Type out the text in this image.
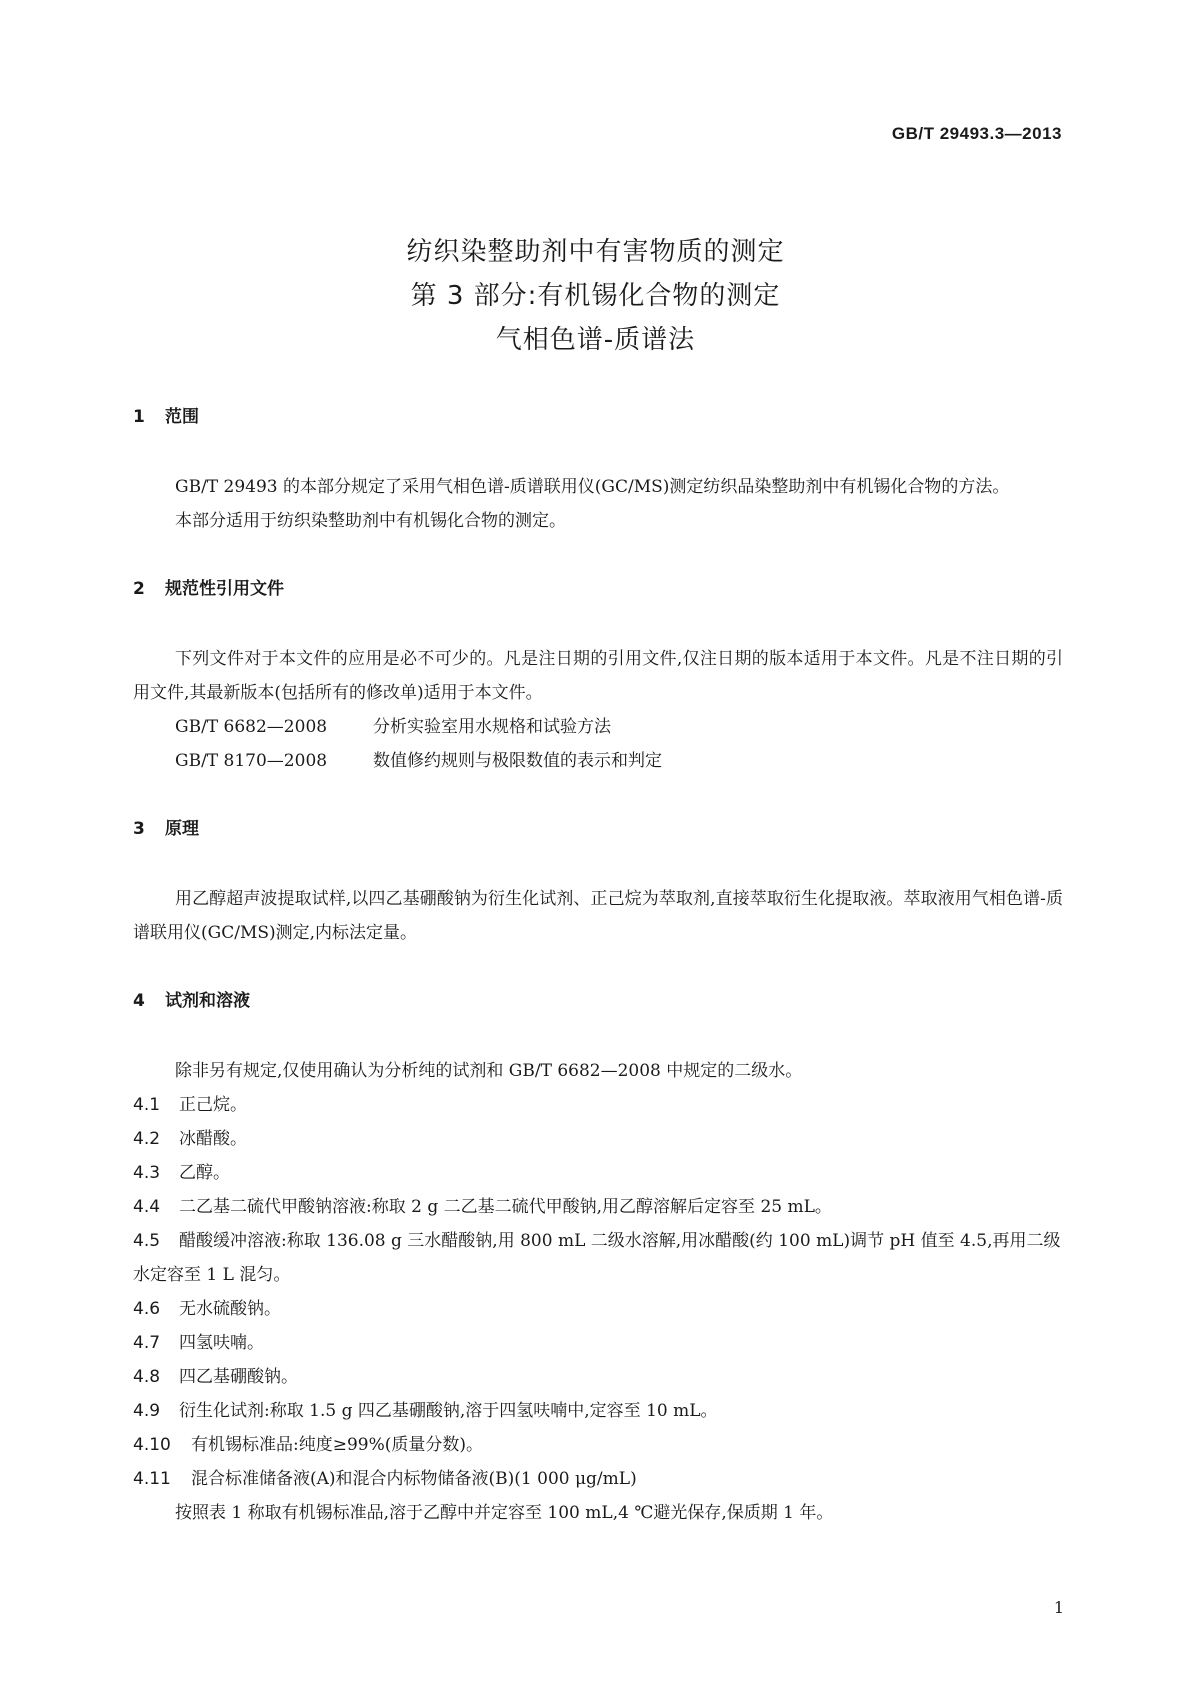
GB/T 29493.3—2013
纺织染整助剂中有害物质的测定
第 3 部分:有机锡化合物的测定
气相色谱-质谱法
1 范围
GB/T 29493 的本部分规定了采用气相色谱-质谱联用仪(GC/MS)测定纺织品染整助剂中有机锡化合物的方法。
本部分适用于纺织染整助剂中有机锡化合物的测定。
2 规范性引用文件
下列文件对于本文件的应用是必不可少的。凡是注日期的引用文件,仅注日期的版本适用于本文件。凡是不注日期的引用文件,其最新版本(包括所有的修改单)适用于本文件。
GB/T 6682—2008	分析实验室用水规格和试验方法
GB/T 8170—2008	数值修约规则与极限数值的表示和判定
3 原理
用乙醇超声波提取试样,以四乙基硼酸钠为衍生化试剂、正己烷为萃取剂,直接萃取衍生化提取液。萃取液用气相色谱-质谱联用仪(GC/MS)测定,内标法定量。
4 试剂和溶液
除非另有规定,仅使用确认为分析纯的试剂和 GB/T 6682—2008 中规定的二级水。
4.1 正己烷。
4.2 冰醋酸。
4.3 乙醇。
4.4 二乙基二硫代甲酸钠溶液:称取 2 g 二乙基二硫代甲酸钠,用乙醇溶解后定容至 25 mL。
4.5 醋酸缓冲溶液:称取 136.08 g 三水醋酸钠,用 800 mL 二级水溶解,用冰醋酸(约 100 mL)调节 pH 值至 4.5,再用二级水定容至 1 L 混匀。
4.6 无水硫酸钠。
4.7 四氢呋喃。
4.8 四乙基硼酸钠。
4.9 衍生化试剂:称取 1.5 g 四乙基硼酸钠,溶于四氢呋喃中,定容至 10 mL。
4.10 有机锡标准品:纯度≥99%(质量分数)。
4.11 混合标准储备液(A)和混合内标物储备液(B)(1 000 μg/mL)
按照表 1 称取有机锡标准品,溶于乙醇中并定容至 100 mL,4 ℃避光保存,保质期 1 年。
1
